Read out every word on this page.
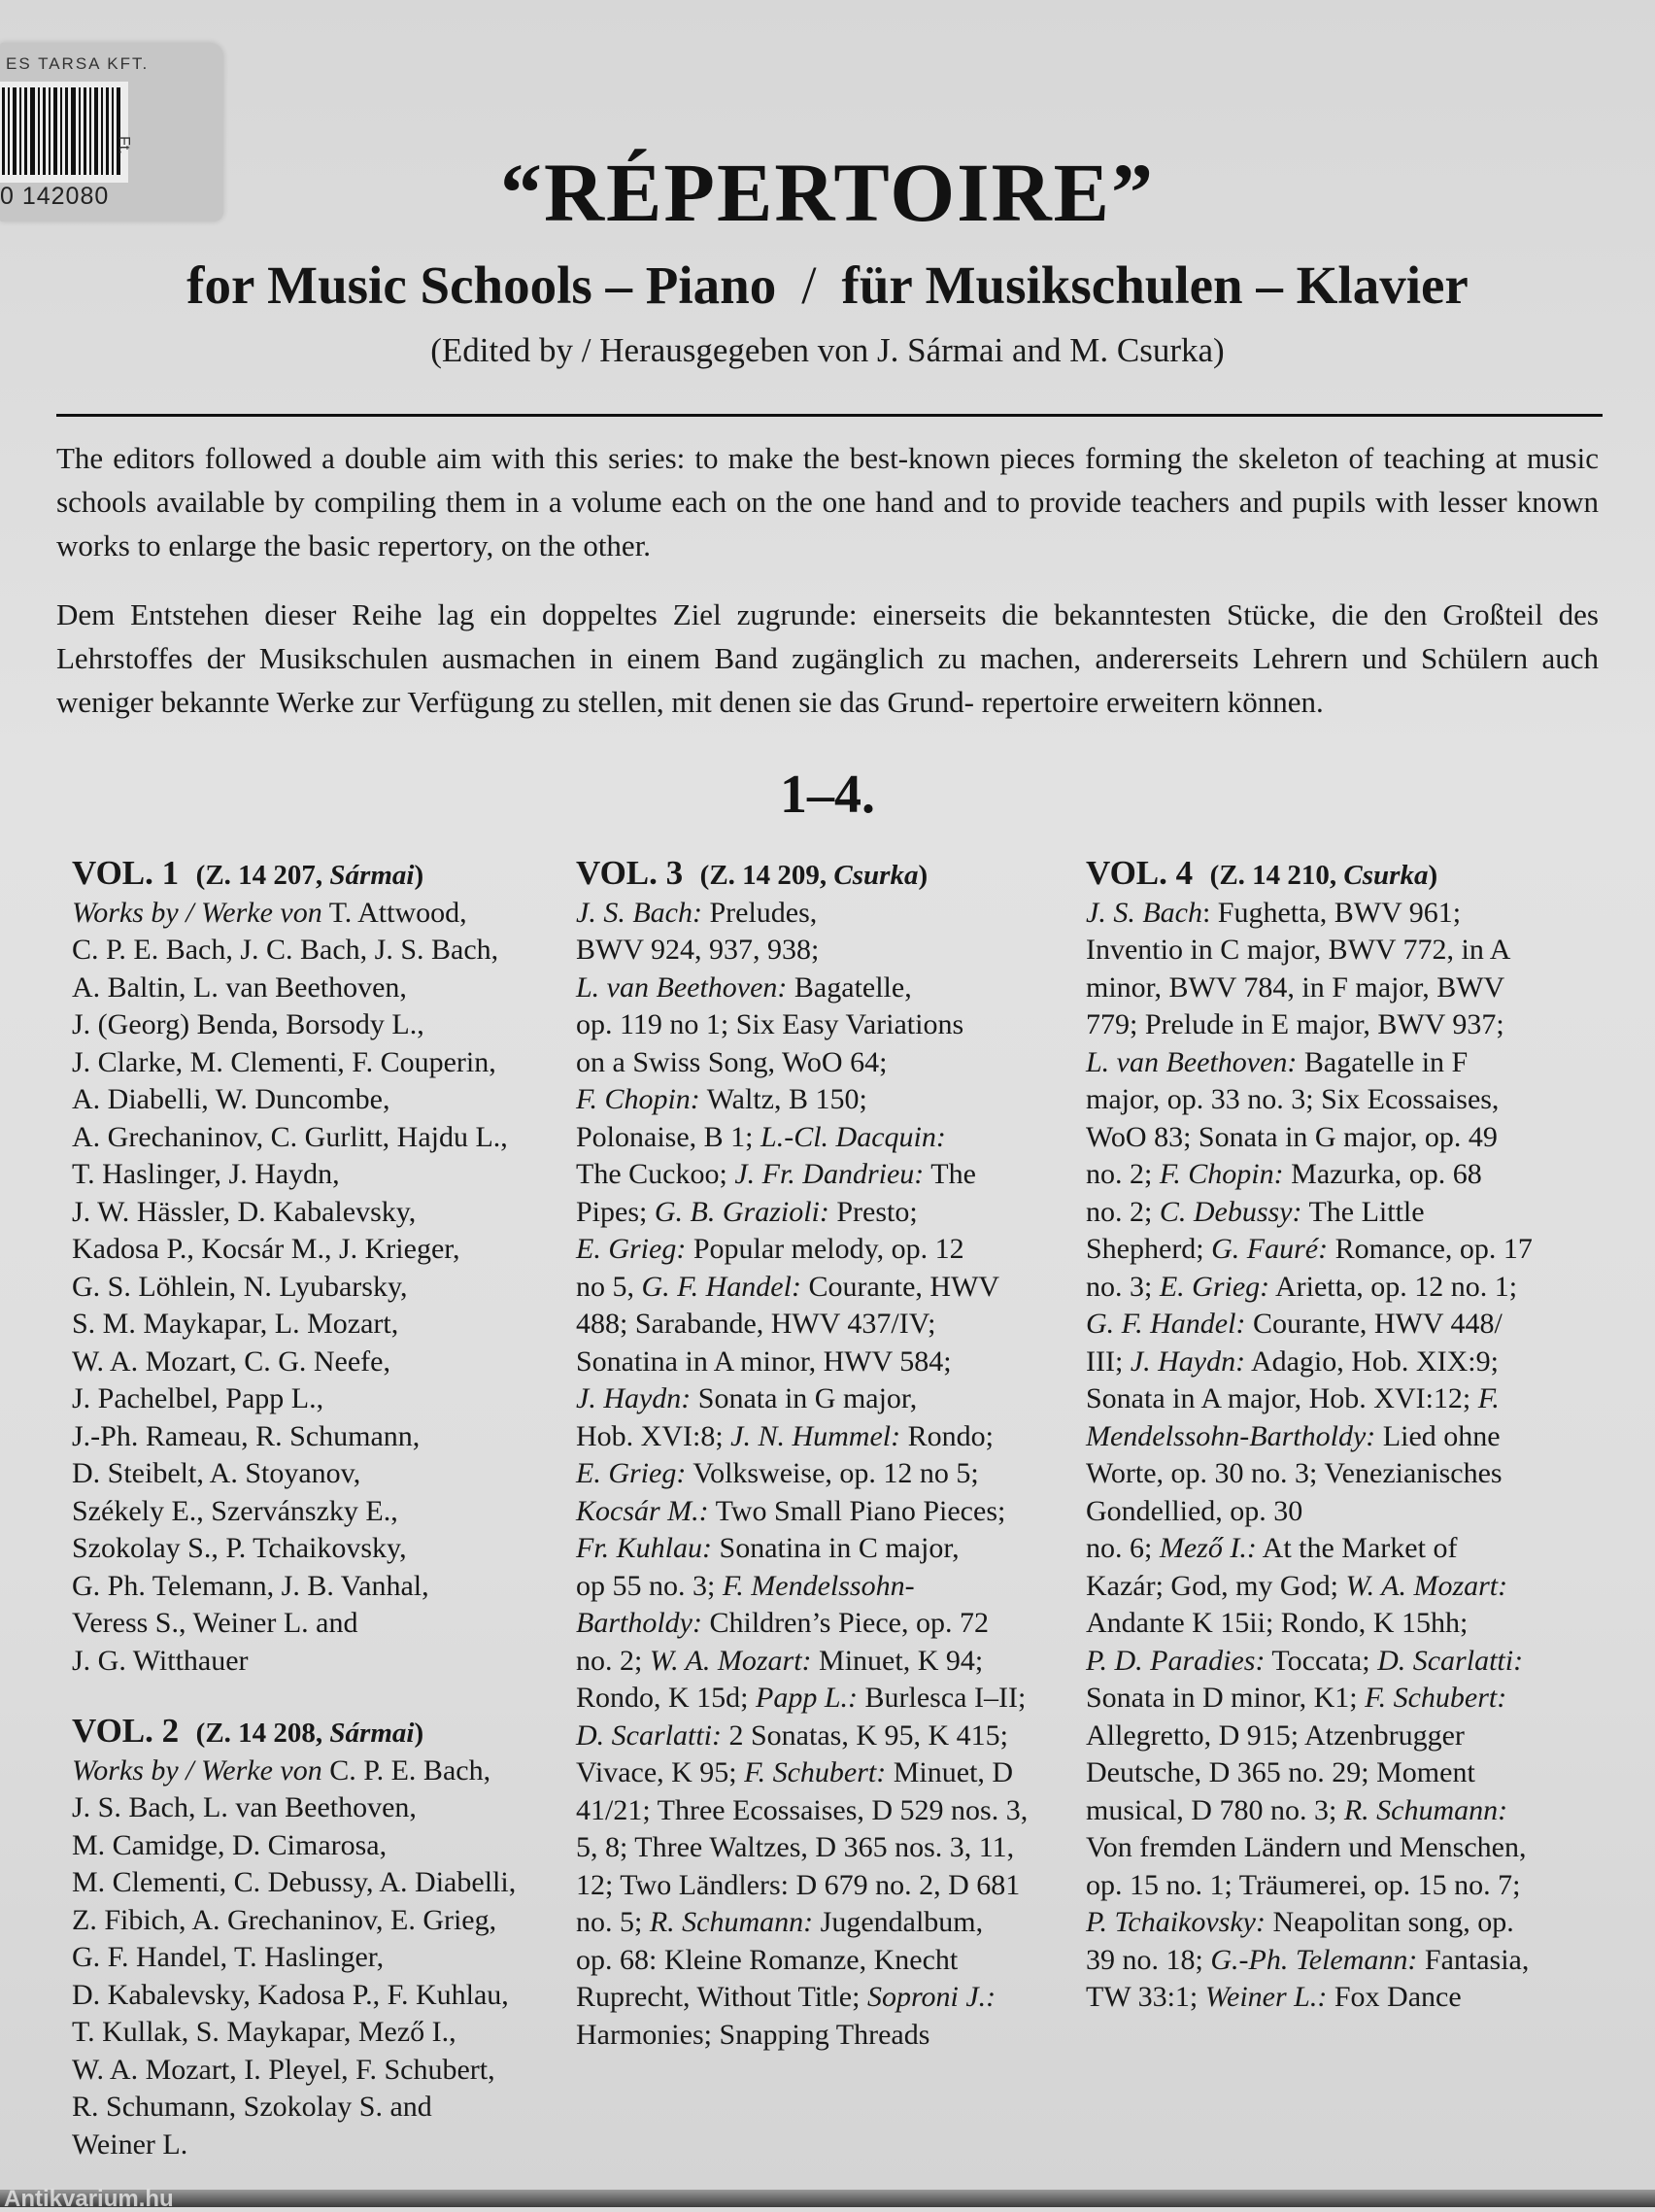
ES TARSA KFT.
0 142080
Ft.
“RÉPERTOIRE”
for Music Schools – Piano / für Musikschulen – Klavier
(Edited by / Herausgegeben von J. Sármai and M. Csurka)

The editors followed a double aim with this series: to make the best-known pieces forming the skeleton of teaching at music schools available by compiling them in a volume each on the one hand and to provide teachers and pupils with lesser known works to enlarge the basic repertory, on the other.

Dem Entstehen dieser Reihe lag ein doppeltes Ziel zugrunde: einerseits die bekanntesten Stücke, die den Großteil des Lehrstoffes der Musikschulen ausmachen in einem Band zugänglich zu machen, andererseits Lehrern und Schülern auch weniger bekannte Werke zur Verfügung zu stellen, mit denen sie das Grund- repertoire erweitern können.

1–4.

VOL. 1 (Z. 14 207, Sármai)

Works by / Werke von T. Attwood,

C. P. E. Bach, J. C. Bach, J. S. Bach,

A. Baltin, L. van Beethoven,

J. (Georg) Benda, Borsody L.,

J. Clarke, M. Clementi, F. Couperin,

A. Diabelli, W. Duncombe,

A. Grechaninov, C. Gurlitt, Hajdu L.,

T. Haslinger, J. Haydn,

J. W. Hässler, D. Kabalevsky,

Kadosa P., Kocsár M., J. Krieger,

G. S. Löhlein, N. Lyubarsky,

S. M. Maykapar, L. Mozart,

W. A. Mozart, C. G. Neefe,

J. Pachelbel, Papp L.,

J.-Ph. Rameau, R. Schumann,

D. Steibelt, A. Stoyanov,

Székely E., Szervánszky E.,

Szokolay S., P. Tchaikovsky,

G. Ph. Telemann, J. B. Vanhal,

Veress S., Weiner L. and

J. G. Witthauer

VOL. 2 (Z. 14 208, Sármai)

Works by / Werke von C. P. E. Bach,

J. S. Bach, L. van Beethoven,

M. Camidge, D. Cimarosa,

M. Clementi, C. Debussy, A. Diabelli,

Z. Fibich, A. Grechaninov, E. Grieg,

G. F. Handel, T. Haslinger,

D. Kabalevsky, Kadosa P., F. Kuhlau,

T. Kullak, S. Maykapar, Mező I.,

W. A. Mozart, I. Pleyel, F. Schubert,

R. Schumann, Szokolay S. and

Weiner L.

VOL. 3 (Z. 14 209, Csurka)

J. S. Bach: Preludes,

BWV 924, 937, 938;

L. van Beethoven: Bagatelle,

op. 119 no 1; Six Easy Variations

on a Swiss Song, WoO 64;

F. Chopin: Waltz, B 150;

Polonaise, B 1; L.-Cl. Dacquin:

The Cuckoo; J. Fr. Dandrieu: The

Pipes; G. B. Grazioli: Presto;

E. Grieg: Popular melody, op. 12

no 5, G. F. Handel: Courante, HWV

488; Sarabande, HWV 437/IV;

Sonatina in A minor, HWV 584;

J. Haydn: Sonata in G major,

Hob. XVI:8; J. N. Hummel: Rondo;

E. Grieg: Volksweise, op. 12 no 5;

Kocsár M.: Two Small Piano Pieces;

Fr. Kuhlau: Sonatina in C major,

op 55 no. 3; F. Mendelssohn-

Bartholdy: Children’s Piece, op. 72

no. 2; W. A. Mozart: Minuet, K 94;

Rondo, K 15d; Papp L.: Burlesca I–II;

D. Scarlatti: 2 Sonatas, K 95, K 415;

Vivace, K 95; F. Schubert: Minuet, D

41/21; Three Ecossaises, D 529 nos. 3,

5, 8; Three Waltzes, D 365 nos. 3, 11,

12; Two Ländlers: D 679 no. 2, D 681

no. 5; R. Schumann: Jugendalbum,

op. 68: Kleine Romanze, Knecht

Ruprecht, Without Title; Soproni J.:

Harmonies; Snapping Threads

VOL. 4 (Z. 14 210, Csurka)

J. S. Bach: Fughetta, BWV 961;

Inventio in C major, BWV 772, in A

minor, BWV 784, in F major, BWV

779; Prelude in E major, BWV 937;

L. van Beethoven: Bagatelle in F

major, op. 33 no. 3; Six Ecossaises,

WoO 83; Sonata in G major, op. 49

no. 2; F. Chopin: Mazurka, op. 68

no. 2; C. Debussy: The Little

Shepherd; G. Fauré: Romance, op. 17

no. 3; E. Grieg: Arietta, op. 12 no. 1;

G. F. Handel: Courante, HWV 448/

III; J. Haydn: Adagio, Hob. XIX:9;

Sonata in A major, Hob. XVI:12; F.

Mendelssohn-Bartholdy: Lied ohne

Worte, op. 30 no. 3; Venezianisches

Gondellied, op. 30

no. 6; Mező I.: At the Market of

Kazár; God, my God; W. A. Mozart:

Andante K 15ii; Rondo, K 15hh;

P. D. Paradies: Toccata; D. Scarlatti:

Sonata in D minor, K1; F. Schubert:

Allegretto, D 915; Atzenbrugger

Deutsche, D 365 no. 29; Moment

musical, D 780 no. 3; R. Schumann:

Von fremden Ländern und Menschen,

op. 15 no. 1; Träumerei, op. 15 no. 7;

P. Tchaikovsky: Neapolitan song, op.

39 no. 18; G.-Ph. Telemann: Fantasia,

TW 33:1; Weiner L.: Fox Dance

Antikvarium.hu
